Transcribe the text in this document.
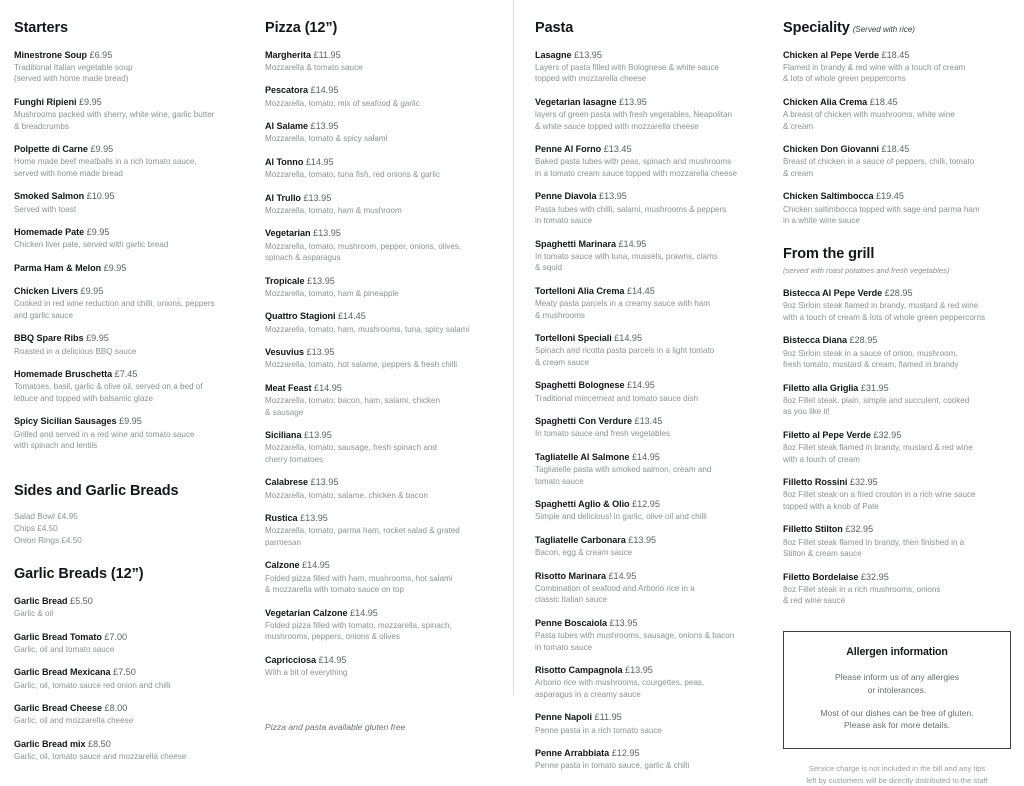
Starters
Minestrone Soup £6.95
Traditional Italian vegetable soup
(served with home made bread)
Funghi Ripieni £9.95
Mushrooms packed with sherry, white wine, garlic butter
& breadcrumbs
Polpette di Carne £9.95
Home made beef meatballs in a rich tomato sauce,
served with home made bread
Smoked Salmon £10.95
Served with toast
Homemade Pate £9.95
Chicken liver pate, served with garlic bread
Parma Ham & Melon £9.95
Chicken Livers £9.95
Cooked in red wine reduction and chilli, onions, peppers
and garlic sauce
BBQ Spare Ribs £9.95
Roasted in a delicious BBQ sauce
Homemade Bruschetta £7.45
Tomatoes, basil, garlic & olive oil, served on a bed of
lettuce and topped with balsamic glaze
Spicy Sicilian Sausages £9.95
Grilled and served in a red wine and tomato sauce
with spinach and lentils
Sides and Garlic Breads
Salad Bowl £4.95
Chips £4.50
Onion Rings £4.50
Garlic Breads (12”)
Garlic Bread £5.50
Garlic & oil
Garlic Bread Tomato £7.00
Garlic, oil and tomato sauce
Garlic Bread Mexicana £7.50
Garlic, oil, tomato sauce red onion and chilli
Garlic Bread Cheese £8.00
Garlic, oil and mozzarella cheese
Garlic Bread mix £8.50
Garlic, oil, tomato sauce and mozzarella cheese
Pizza (12”)
Margherita £11.95
Mozzarella & tomato sauce
Pescatora £14.95
Mozzarella, tomato, mix of seafood & garlic
Al Salame £13.95
Mozzarella, tomato & spicy salami
Al Tonno £14.95
Mozzarella, tomato, tuna fish, red onions & garlic
Al Trullo £13.95
Mozzarella, tomato, ham & mushroom
Vegetarian £13.95
Mozzarella, tomato, mushroom, pepper, onions, olives,
spinach & asparagus
Tropicale £13.95
Mozzarella, tomato, ham & pineapple
Quattro Stagioni £14.45
Mozzarella, tomato, ham, mushrooms, tuna, spicy salami
Vesuvius £13.95
Mozzarella, tomato, hot salame, peppers & fresh chilli
Meat Feast £14.95
Mozzarella, tomato, bacon, ham, salami, chicken
& sausage
Siciliana £13.95
Mozzarella, tomato, sausage, fresh spinach and
cherry tomatoes
Calabrese £13.95
Mozzarella, tomato, salame, chicken & bacon
Rustica £13.95
Mozzarella, tomato, parma ham, rocket salad & grated
parmesan
Calzone £14.95
Folded pizza filled with ham, mushrooms, hot salami
& mozzarella with tomato sauce on top
Vegetarian Calzone £14.95
Folded pizza filled with tomato, mozzarella, spinach,
mushrooms, peppers, onions & olives
Capricciosa £14.95
With a bit of everything
Pizza and pasta available gluten free
Pasta
Lasagne £13.95
Layers of pasta filled with Bolognese & white sauce
topped with mozzarella cheese
Vegetarian lasagne £13.95
layers of green pasta with fresh vegetables, Neapolitan
& white sauce topped with mozzarella cheese
Penne Al Forno £13.45
Baked pasta tubes with peas, spinach and mushrooms
in a tomato cream sauce topped with mozzarella cheese
Penne Diavola £13.95
Pasta tubes with chilli, salami, mushrooms & peppers
in tomato sauce
Spaghetti Marinara £14.95
In tomato sauce with tuna, mussels, prawns, clams
& squid
Tortelloni Alia Crema £14.45
Meaty pasta parcels in a creamy sauce with ham
& mushrooms
Tortelloni Speciali £14.95
Spinach and ricotta pasta parcels in a light tomato
& cream sauce
Spaghetti Bolognese £14.95
Traditional mincemeat and tomato sauce dish
Spaghetti Con Verdure £13.45
In tomato sauce and fresh vegetables
Tagliatelle Al Salmone £14.95
Tagliatelle pasta with smoked salmon, cream and
tomato sauce
Spaghetti Aglio & Olio £12.95
Simple and delicious! in garlic, olive oil and chilli
Tagliatelle Carbonara £13.95
Bacon, egg & cream sauce
Risotto Marinara £14.95
Combination of seafood and Arborio rice in a
classic Italian sauce
Penne Boscaiola £13.95
Pasta tubes with mushrooms, sausage, onions & bacon
in tomato sauce
Risotto Campagnola £13.95
Arborio rice with mushrooms, courgettes, peas,
asparagus in a creamy sauce
Penne Napoli £11.95
Penne pasta in a rich tomato sauce
Penne Arrabbiata £12.95
Penne pasta in tomato sauce, garlic & chilli
Speciality (Served with rice)
Chicken al Pepe Verde £18.45
Flamed in brandy & red wine with a touch of cream
& lots of whole green peppercorns
Chicken Alia Crema £18.45
A breast of chicken with mushrooms, white wine
& cream
Chicken Don Giovanni £18.45
Breast of chicken in a sauce of peppers, chilli, tomato
& cream
Chicken Saltimbocca £19.45
Chicken saltimbocca topped with sage and parma ham
in a white wine sauce
From the grill
(served with roast potatoes and fresh vegetables)
Bistecca Al Pepe Verde £28.95
9oz Sirloin steak flamed in brandy, mustard & red wine
with a touch of cream & lots of whole green peppercorns
Bistecca Diana £28.95
9oz Sirloin steak in a sauce of onion, mushroom,
fresh tomato, mustard & cream, flamed in brandy
Filetto alla Griglia £31.95
8oz Fillet steak, plain, simple and succulent, cooked
as you like it!
Filetto al Pepe Verde £32.95
8oz Fillet steak flamed in brandy, mustard & red wine
with a touch of cream
Filletto Rossini £32.95
8oz Fillet steak on a fried crouton in a rich wine sauce
topped with a knob of Pate
Filletto Stilton £32.95
8oz Fillet steak flamed in brandy, then finished in a
Stilton & cream sauce
Filetto Bordelaise £32.95
8oz Fillet steak in a rich mushrooms, onions
& red wine sauce
Allergen information
Please inform us of any allergies
or intolerances.
Most of our dishes can be free of gluten.
Please ask for more details.
Service charge is not included in the bill and any tips
left by customers will be directly distributed to the staff
